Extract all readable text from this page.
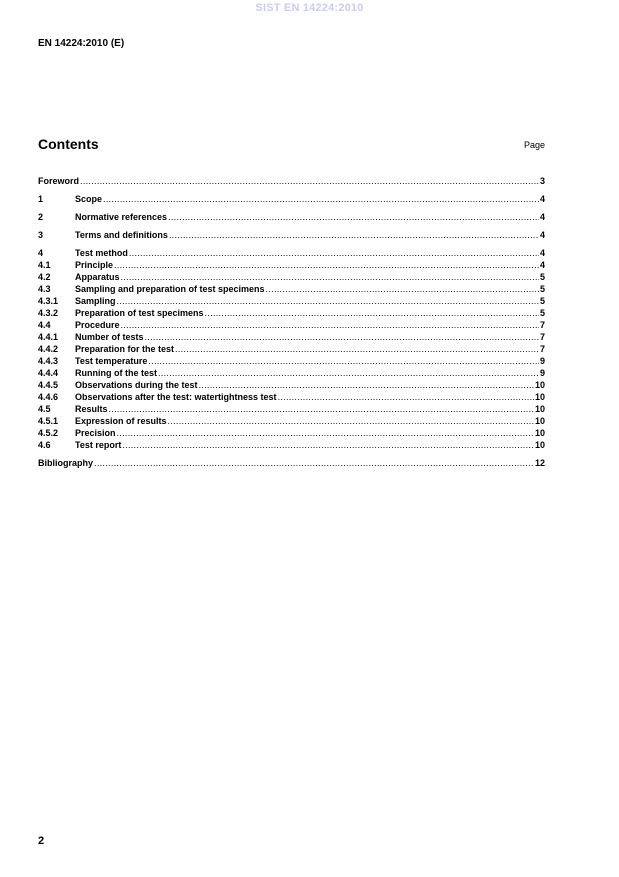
SIST EN 14224:2010
EN 14224:2010 (E)
Contents	Page
Foreword .....	3
1	Scope .....	4
2	Normative references .....	4
3	Terms and definitions .....	4
4	Test method .....	4
4.1	Principle .....	4
4.2	Apparatus .....	5
4.3	Sampling and preparation of test specimens .....	5
4.3.1	Sampling .....	5
4.3.2	Preparation of test specimens .....	5
4.4	Procedure .....	7
4.4.1	Number of tests .....	7
4.4.2	Preparation for the test .....	7
4.4.3	Test temperature .....	9
4.4.4	Running of the test .....	9
4.4.5	Observations during the test .....	10
4.4.6	Observations after the test: watertightness test .....	10
4.5	Results .....	10
4.5.1	Expression of results .....	10
4.5.2	Precision .....	10
4.6	Test report .....	10
Bibliography .....	12
2
